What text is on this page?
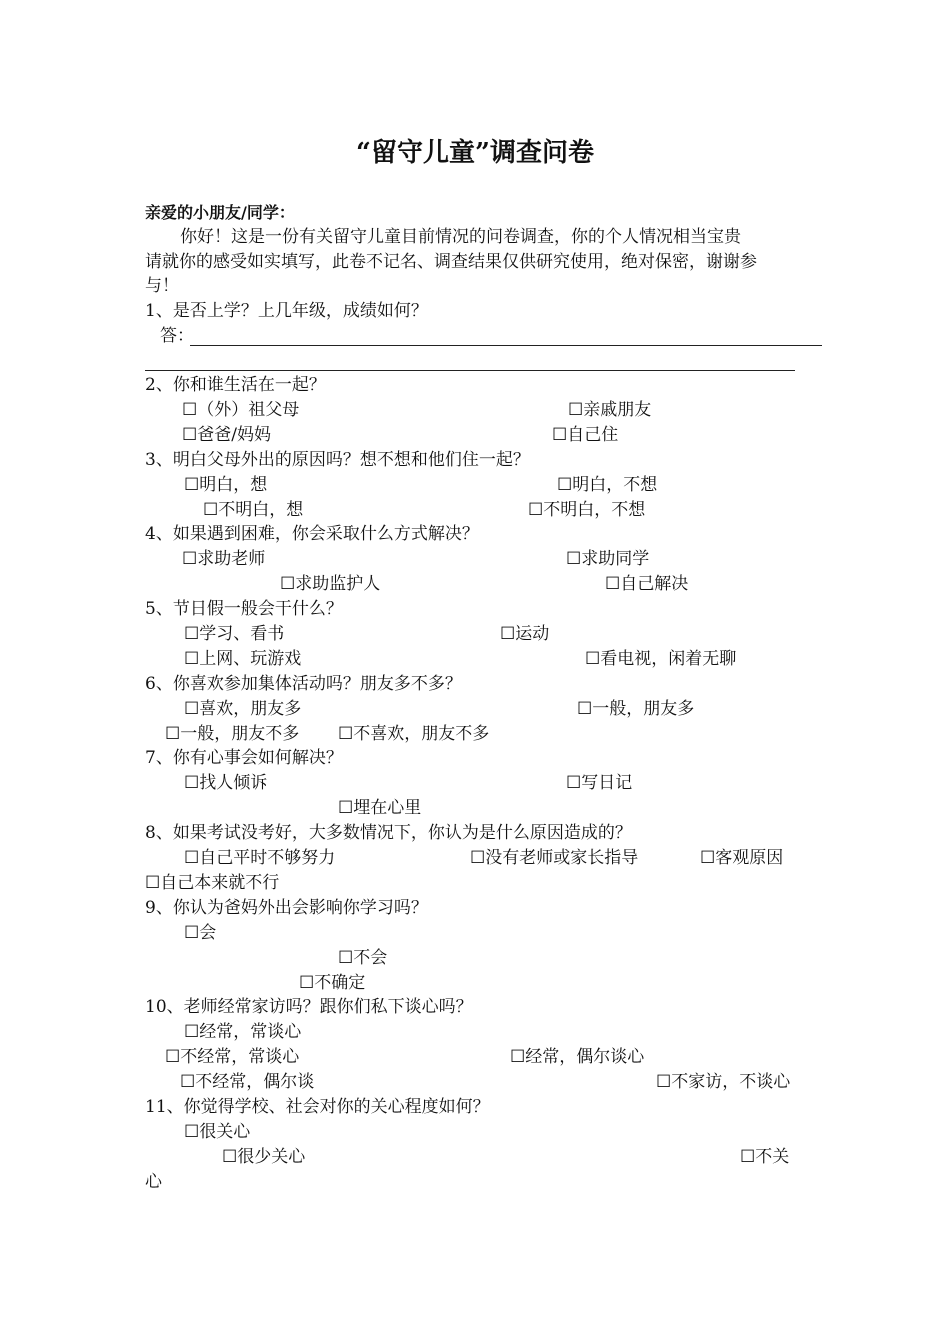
“留守儿童”调查问卷
亲爱的小朋友/同学：
你好！这是一份有关留守儿童目前情况的问卷调查，你的个人情况相当宝贵
请就你的感受如实填写，此卷不记名、调查结果仅供研究使用，绝对保密，谢谢参
与！
1、是否上学？上几年级，成绩如何？
答：
2、你和谁生活在一起？
☐（外）祖父母	☐亲戚朋友
☐爸爸/妈妈	☐自己住
3、明白父母外出的原因吗？想不想和他们住一起？
☐明白，想	☐明白，不想
☐不明白，想	☐不明白，不想
4、如果遇到困难，你会采取什么方式解决？
☐求助老师	☐求助同学
☐求助监护人	☐自己解决
5、节日假一般会干什么？
☐学习、看书	☐运动
☐上网、玩游戏	☐看电视，闲着无聊
6、你喜欢参加集体活动吗？朋友多不多？
☐喜欢，朋友多	☐一般，朋友多
☐一般，朋友不多 ☐不喜欢，朋友不多
7、你有心事会如何解决？
☐找人倾诉	☐写日记
☐埋在心里
8、如果考试没考好，大多数情况下，你认为是什么原因造成的？
☐自己平时不够努力	☐没有老师或家长指导	☐客观原因
☐自己本来就不行
9、你认为爸妈外出会影响你学习吗？
☐会
☐不会
☐不确定
10、老师经常家访吗？跟你们私下谈心吗？
☐经常，常谈心
☐不经常，常谈心	☐经常，偶尔谈心
☐不经常，偶尔谈	☐不家访，不谈心
11、你觉得学校、社会对你的关心程度如何？
☐很关心
☐很少关心	☐不关
心
